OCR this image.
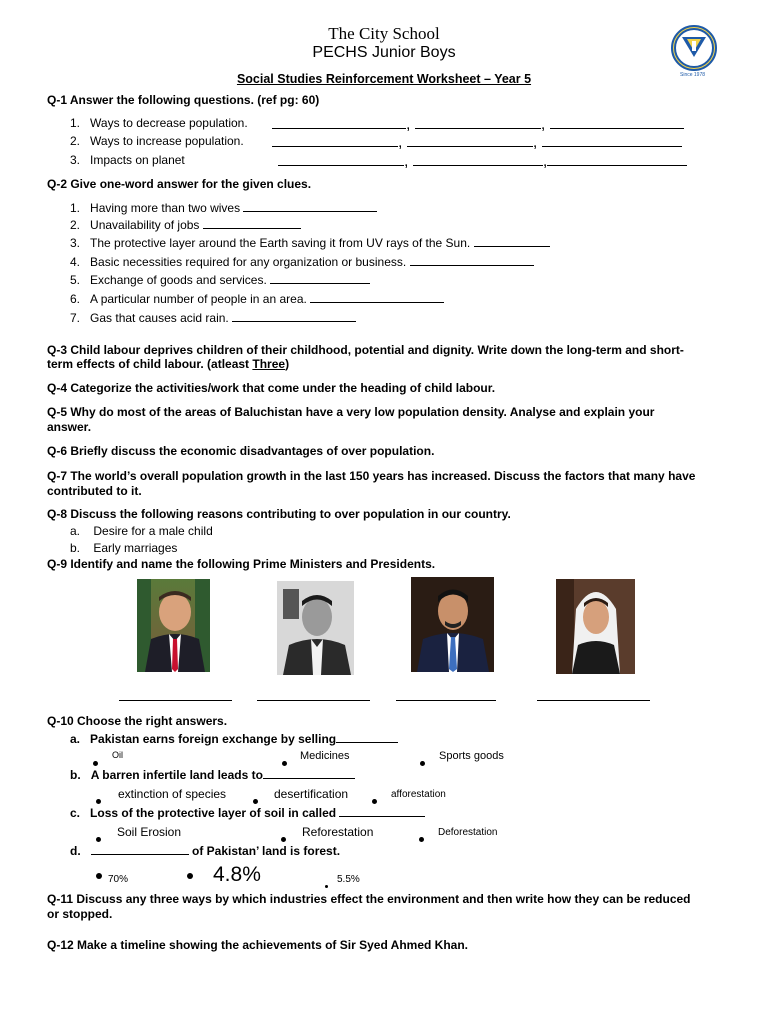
The City School
PECHS Junior Boys
Social Studies Reinforcement Worksheet – Year 5	Since 1978
Q-1 Answer the following questions. (ref pg: 60)
1. Ways to decrease population.	,	,
2. Ways to increase population.	,	,
3. Impacts on planet	,	,
Q-2 Give one-word answer for the given clues.
1. Having more than two wives
2. Unavailability of jobs
3. The protective layer around the Earth saving it from UV rays of the Sun.
4. Basic necessities required for any organization or business.
5. Exchange of goods and services.
6. A particular number of people in an area.
7. Gas that causes acid rain.
Q-3 Child labour deprives children of their childhood, potential and dignity. Write down the long-term and short-
term effects of child labour. (atleast Three)
Q-4 Categorize the activities/work that come under the heading of child labour.
Q-5 Why do most of the areas of Baluchistan have a very low population density. Analyse and explain your
answer.
Q-6 Briefly discuss the economic disadvantages of over population.
Q-7 The world’s overall population growth in the last 150 years has increased. Discuss the factors that many have
contributed to it.
Q-8 Discuss the following reasons contributing to over population in our country.
a. Desire for a male child
b. Early marriages
Q-9 Identify and name the following Prime Ministers and Presidents.
Q-10 Choose the right answers.
a. Pakistan earns foreign exchange by selling
Oil	Medicines	Sports goods
b. A barren infertile land leads to
extinction of species	desertification	afforestation
c. Loss of the protective layer of soil in called
Soil Erosion	Reforestation	Deforestation
d.	of Pakistan’ land is forest.
70%	4.8%	5.5%
Q-11 Discuss any three ways by which industries effect the environment and then write how they can be reduced
or stopped.
Q-12 Make a timeline showing the achievements of Sir Syed Ahmed Khan.
